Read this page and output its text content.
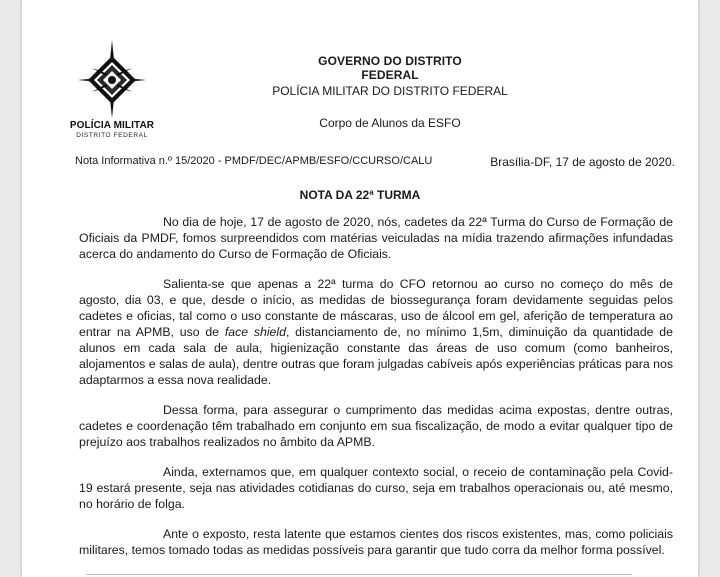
POLÍCIA MILITAR
DISTRITO FEDERAL
GOVERNO DO DISTRITO FEDERAL
POLÍCIA MILITAR DO DISTRITO FEDERAL
Corpo de Alunos da ESFO
Nota Informativa n.º 15/2020 - PMDF/DEC/APMB/ESFO/CCURSO/CALU	Brasília-DF, 17 de agosto de 2020.
NOTA DA 22ª TURMA

No dia de hoje, 17 de agosto de 2020, nós, cadetes da 22ª Turma do Curso de Formação de Oficiais da PMDF, fomos surpreendidos com matérias veiculadas na mídia trazendo afirmações infundadas acerca do andamento do Curso de Formação de Oficiais.

Salienta-se que apenas a 22ª turma do CFO retornou ao curso no começo do mês de agosto, dia 03, e que, desde o início, as medidas de biossegurança foram devidamente seguidas pelos cadetes e oficias, tal como o uso constante de máscaras, uso de álcool em gel, aferição de temperatura ao entrar na APMB, uso de face shield, distanciamento de, no mínimo 1,5m, diminuição da quantidade de alunos em cada sala de aula, higienização constante das áreas de uso comum (como banheiros, alojamentos e salas de aula), dentre outras que foram julgadas cabíveis após experiências práticas para nos adaptarmos a essa nova realidade.

Dessa forma, para assegurar o cumprimento das medidas acima expostas, dentre outras, cadetes e coordenação têm trabalhado em conjunto em sua fiscalização, de modo a evitar qualquer tipo de prejuízo aos trabalhos realizados no âmbito da APMB.

Ainda, externamos que, em qualquer contexto social, o receio de contaminação pela Covid-19 estará presente, seja nas atividades cotidianas do curso, seja em trabalhos operacionais ou, até mesmo, no horário de folga.

Ante o exposto, resta latente que estamos cientes dos riscos existentes, mas, como policiais militares, temos tomado todas as medidas possíveis para garantir que tudo corra da melhor forma possível.
